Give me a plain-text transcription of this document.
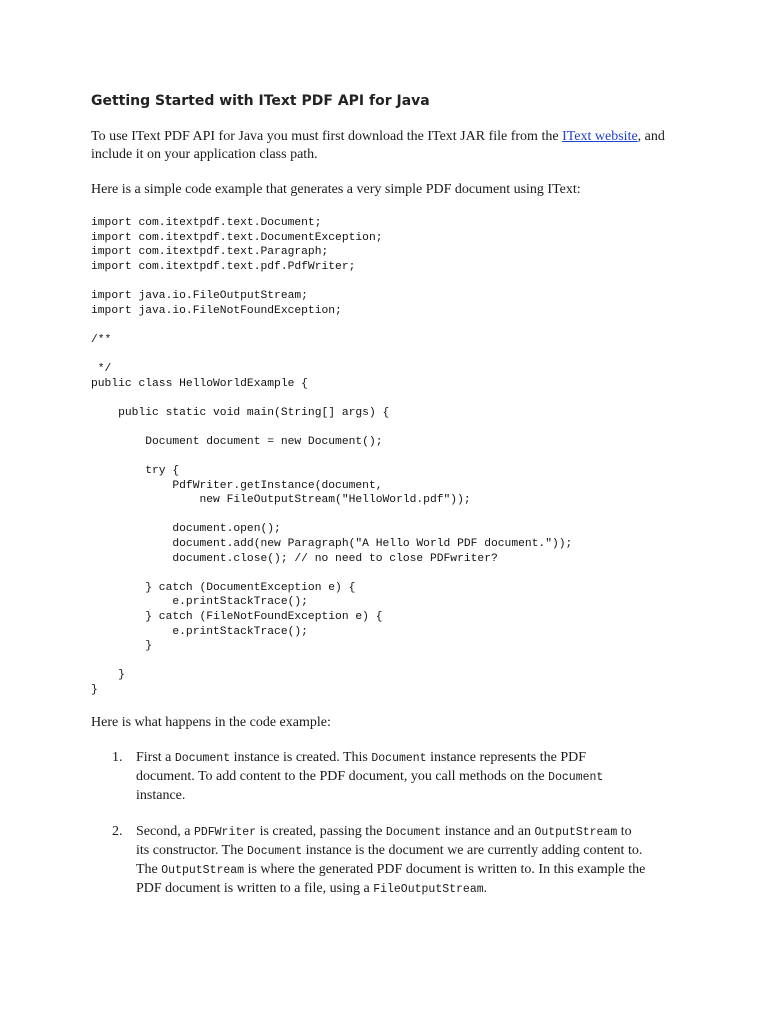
Getting Started with IText PDF API for Java

To use IText PDF API for Java you must first download the IText JAR file from the IText website, and include it on your application class path.

Here is a simple code example that generates a very simple PDF document using IText:

import com.itextpdf.text.Document;
import com.itextpdf.text.DocumentException;
import com.itextpdf.text.Paragraph;
import com.itextpdf.text.pdf.PdfWriter;

import java.io.FileOutputStream;
import java.io.FileNotFoundException;

/**

*/
public class HelloWorldExample {

public static void main(String[] args) {

Document document = new Document();

try {
PdfWriter.getInstance(document,
new FileOutputStream("HelloWorld.pdf"));

document.open();
document.add(new Paragraph("A Hello World PDF document."));
document.close(); // no need to close PDFwriter?

} catch (DocumentException e) {
e.printStackTrace();
} catch (FileNotFoundException e) {
e.printStackTrace();
}

}
}

Here is what happens in the code example:

1. First a Document instance is created. This Document instance represents the PDF document. To add content to the PDF document, you call methods on the Document instance.
2. Second, a PDFWriter is created, passing the Document instance and an OutputStream to its constructor. The Document instance is the document we are currently adding content to. The OutputStream is where the generated PDF document is written to. In this example the PDF document is written to a file, using a FileOutputStream.
